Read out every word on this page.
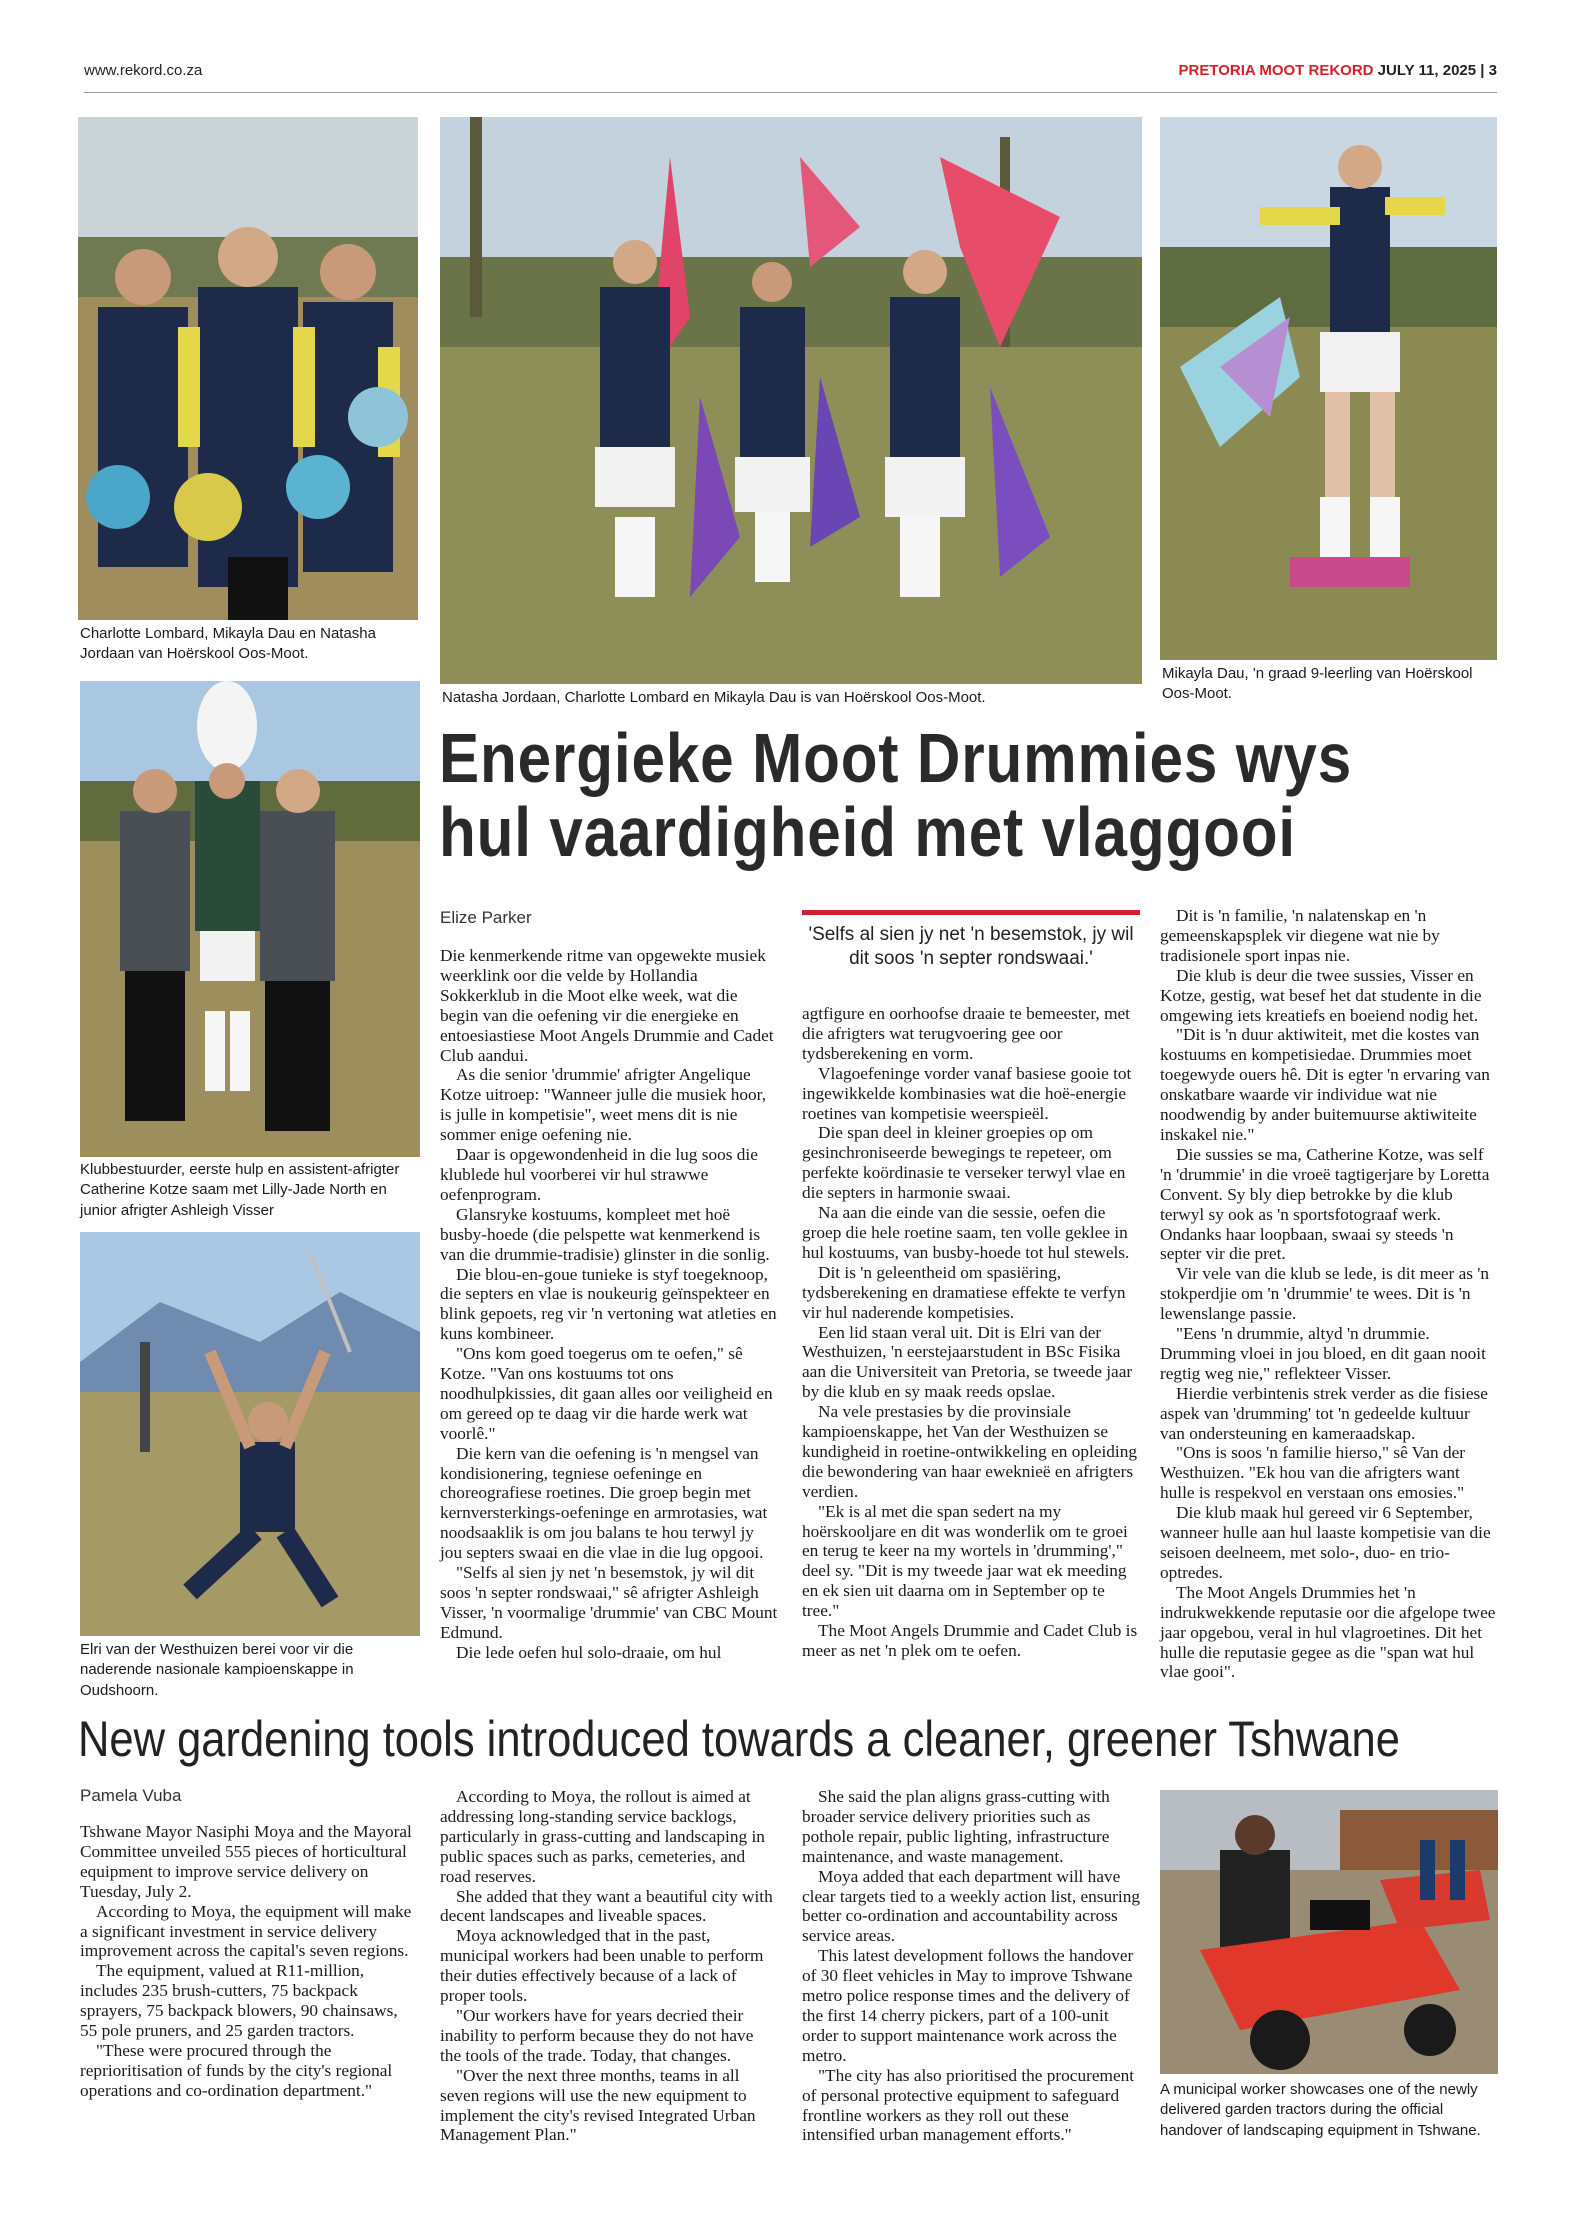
www.rekord.co.za	PRETORIA MOOT REKORD JULY 11, 2025 | 3
Charlotte Lombard, Mikayla Dau en Natasha Jordaan van Hoërskool Oos-Moot.
Natasha Jordaan, Charlotte Lombard en Mikayla Dau is van Hoërskool Oos-Moot.
Mikayla Dau, 'n graad 9-leerling van Hoërskool Oos-Moot.
Klubbestuurder, eerste hulp en assistent-afrigter Catherine Kotze saam met Lilly-Jade North en junior afrigter Ashleigh Visser
Elri van der Westhuizen berei voor vir die naderende nasionale kampioenskappe in Oudshoorn.
Energieke Moot Drummies wys
hul vaardigheid met vlaggooi
Elize Parker

Die kenmerkende ritme van opgewekte musiek weerklink oor die velde by Hollandia Sokkerklub in die Moot elke week, wat die begin van die oefening vir die energieke en entoesiastiese Moot Angels Drummie and Cadet Club aandui.

As die senior 'drummie' afrigter Angelique Kotze uitroep: "Wanneer julle die musiek hoor, is julle in kompetisie", weet mens dit is nie sommer enige oefening nie.

Daar is opgewondenheid in die lug soos die klublede hul voorberei vir hul strawwe oefenprogram.

Glansryke kostuums, kompleet met hoë busby-hoede (die pelspette wat kenmerkend is van die drummie-tradisie) glinster in die sonlig.

Die blou-en-goue tunieke is styf toegeknoop, die septers en vlae is noukeurig geïnspekteer en blink gepoets, reg vir 'n vertoning wat atleties en kuns kombineer.

"Ons kom goed toegerus om te oefen," sê Kotze. "Van ons kostuums tot ons noodhulpkissies, dit gaan alles oor veiligheid en om gereed op te daag vir die harde werk wat voorlê."

Die kern van die oefening is 'n mengsel van kondisionering, tegniese oefeninge en choreografiese roetines. Die groep begin met kernversterkings-oefeninge en armrotasies, wat noodsaaklik is om jou balans te hou terwyl jy jou septers swaai en die vlae in die lug opgooi.

"Selfs al sien jy net 'n besemstok, jy wil dit soos 'n septer rondswaai," sê afrigter Ashleigh Visser, 'n voormalige 'drummie' van CBC Mount Edmund.

Die lede oefen hul solo-draaie, om hul

'Selfs al sien jy net 'n besemstok, jy wil dit soos 'n septer rondswaai.'

agtfigure en oorhoofse draaie te bemeester, met die afrigters wat terugvoering gee oor tydsberekening en vorm.

Vlagoefeninge vorder vanaf basiese gooie tot ingewikkelde kombinasies wat die hoë-energie roetines van kompetisie weerspieël.

Die span deel in kleiner groepies op om gesinchroniseerde bewegings te repeteer, om perfekte koördinasie te verseker terwyl vlae en die septers in harmonie swaai.

Na aan die einde van die sessie, oefen die groep die hele roetine saam, ten volle geklee in hul kostuums, van busby-hoede tot hul stewels.

Dit is 'n geleentheid om spasiëring, tydsberekening en dramatiese effekte te verfyn vir hul naderende kompetisies.

Een lid staan veral uit. Dit is Elri van der Westhuizen, 'n eerstejaarstudent in BSc Fisika aan die Universiteit van Pretoria, se tweede jaar by die klub en sy maak reeds opslae.

Na vele prestasies by die provinsiale kampioenskappe, het Van der Westhuizen se kundigheid in roetine-ontwikkeling en opleiding die bewondering van haar eweknieë en afrigters verdien.

"Ek is al met die span sedert na my hoërskooljare en dit was wonderlik om te groei en terug te keer na my wortels in 'drumming'," deel sy. "Dit is my tweede jaar wat ek meeding en ek sien uit daarna om in September op te tree."

The Moot Angels Drummie and Cadet Club is meer as net 'n plek om te oefen.

Dit is 'n familie, 'n nalatenskap en 'n gemeenskapsplek vir diegene wat nie by tradisionele sport inpas nie.

Die klub is deur die twee sussies, Visser en Kotze, gestig, wat besef het dat studente in die omgewing iets kreatiefs en boeiend nodig het.

"Dit is 'n duur aktiwiteit, met die kostes van kostuums en kompetisiedae. Drummies moet toegewyde ouers hê. Dit is egter 'n ervaring van onskatbare waarde vir individue wat nie noodwendig by ander buitemuurse aktiwiteite inskakel nie."

Die sussies se ma, Catherine Kotze, was self 'n 'drummie' in die vroeë tagtigerjare by Loretta Convent. Sy bly diep betrokke by die klub terwyl sy ook as 'n sportsfotograaf werk. Ondanks haar loopbaan, swaai sy steeds 'n septer vir die pret.

Vir vele van die klub se lede, is dit meer as 'n stokperdjie om 'n 'drummie' te wees. Dit is 'n lewenslange passie.

"Eens 'n drummie, altyd 'n drummie. Drumming vloei in jou bloed, en dit gaan nooit regtig weg nie," reflekteer Visser.

Hierdie verbintenis strek verder as die fisiese aspek van 'drumming' tot 'n gedeelde kultuur van ondersteuning en kameraadskap.

"Ons is soos 'n familie hierso," sê Van der Westhuizen. "Ek hou van die afrigters want hulle is respekvol en verstaan ons emosies."

Die klub maak hul gereed vir 6 September, wanneer hulle aan hul laaste kompetisie van die seisoen deelneem, met solo-, duo- en trio-optredes.

The Moot Angels Drummies het 'n indrukwekkende reputasie oor die afgelope twee jaar opgebou, veral in hul vlagroetines. Dit het hulle die reputasie gegee as die "span wat hul vlae gooi".

New gardening tools introduced towards a cleaner, greener Tshwane
Pamela Vuba

Tshwane Mayor Nasiphi Moya and the Mayoral Committee unveiled 555 pieces of horticultural equipment to improve service delivery on Tuesday, July 2.

According to Moya, the equipment will make a significant investment in service delivery improvement across the capital's seven regions.

The equipment, valued at R11-million, includes 235 brush-cutters, 75 backpack sprayers, 75 backpack blowers, 90 chainsaws, 55 pole pruners, and 25 garden tractors.

"These were procured through the reprioritisation of funds by the city's regional operations and co-ordination department."

According to Moya, the rollout is aimed at addressing long-standing service backlogs, particularly in grass-cutting and landscaping in public spaces such as parks, cemeteries, and road reserves.

She added that they want a beautiful city with decent landscapes and liveable spaces.

Moya acknowledged that in the past, municipal workers had been unable to perform their duties effectively because of a lack of proper tools.

"Our workers have for years decried their inability to perform because they do not have the tools of the trade. Today, that changes.

"Over the next three months, teams in all seven regions will use the new equipment to implement the city's revised Integrated Urban Management Plan."

She said the plan aligns grass-cutting with broader service delivery priorities such as pothole repair, public lighting, infrastructure maintenance, and waste management.

Moya added that each department will have clear targets tied to a weekly action list, ensuring better co-ordination and accountability across service areas.

This latest development follows the handover of 30 fleet vehicles in May to improve Tshwane metro police response times and the delivery of the first 14 cherry pickers, part of a 100-unit order to support maintenance work across the metro.

"The city has also prioritised the procurement of personal protective equipment to safeguard frontline workers as they roll out these intensified urban management efforts."

A municipal worker showcases one of the newly delivered garden tractors during the official handover of landscaping equipment in Tshwane.
